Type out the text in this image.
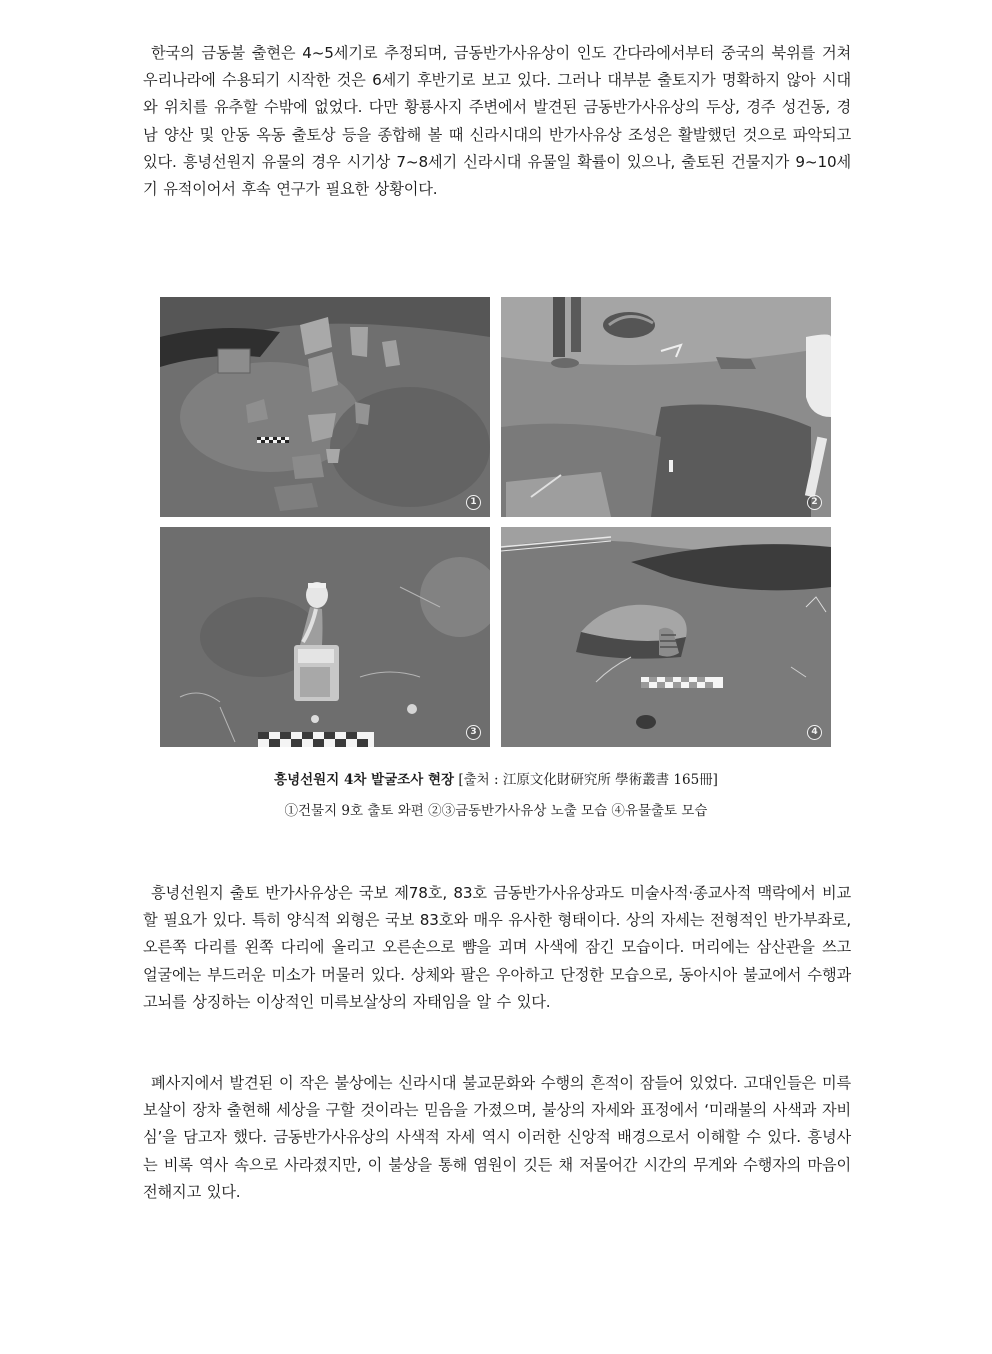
한국의 금동불 출현은 4~5세기로 추정되며, 금동반가사유상이 인도 간다라에서부터 중국의 북위를 거쳐 우리나라에 수용되기 시작한 것은 6세기 후반기로 보고 있다. 그러나 대부분 출토지가 명확하지 않아 시대와 위치를 유추할 수밖에 없었다. 다만 황룡사지 주변에서 발견된 금동반가사유상의 두상, 경주 성건동, 경남 양산 및 안동 옥동 출토상 등을 종합해 볼 때 신라시대의 반가사유상 조성은 활발했던 것으로 파악되고 있다. 흥녕선원지 유물의 경우 시기상 7~8세기 신라시대 유물일 확률이 있으나, 출토된 건물지가 9~10세기 유적이어서 후속 연구가 필요한 상황이다.

1	2
3	4
흥녕선원지 4차 발굴조사 현장 [출처 : 江原文化財研究所 學術叢書 165冊]
①건물지 9호 출토 와편 ②③금동반가사유상 노출 모습 ④유물출토 모습

흥녕선원지 출토 반가사유상은 국보 제78호, 83호 금동반가사유상과도 미술사적·종교사적 맥락에서 비교할 필요가 있다. 특히 양식적 외형은 국보 83호와 매우 유사한 형태이다. 상의 자세는 전형적인 반가부좌로, 오른쪽 다리를 왼쪽 다리에 올리고 오른손으로 뺨을 괴며 사색에 잠긴 모습이다. 머리에는 삼산관을 쓰고 얼굴에는 부드러운 미소가 머물러 있다. 상체와 팔은 우아하고 단정한 모습으로, 동아시아 불교에서 수행과 고뇌를 상징하는 이상적인 미륵보살상의 자태임을 알 수 있다.

폐사지에서 발견된 이 작은 불상에는 신라시대 불교문화와 수행의 흔적이 잠들어 있었다. 고대인들은 미륵보살이 장차 출현해 세상을 구할 것이라는 믿음을 가졌으며, 불상의 자세와 표정에서 ‘미래불의 사색과 자비심’을 담고자 했다. 금동반가사유상의 사색적 자세 역시 이러한 신앙적 배경으로서 이해할 수 있다. 흥녕사는 비록 역사 속으로 사라졌지만, 이 불상을 통해 염원이 깃든 채 저물어간 시간의 무게와 수행자의 마음이 전해지고 있다.
